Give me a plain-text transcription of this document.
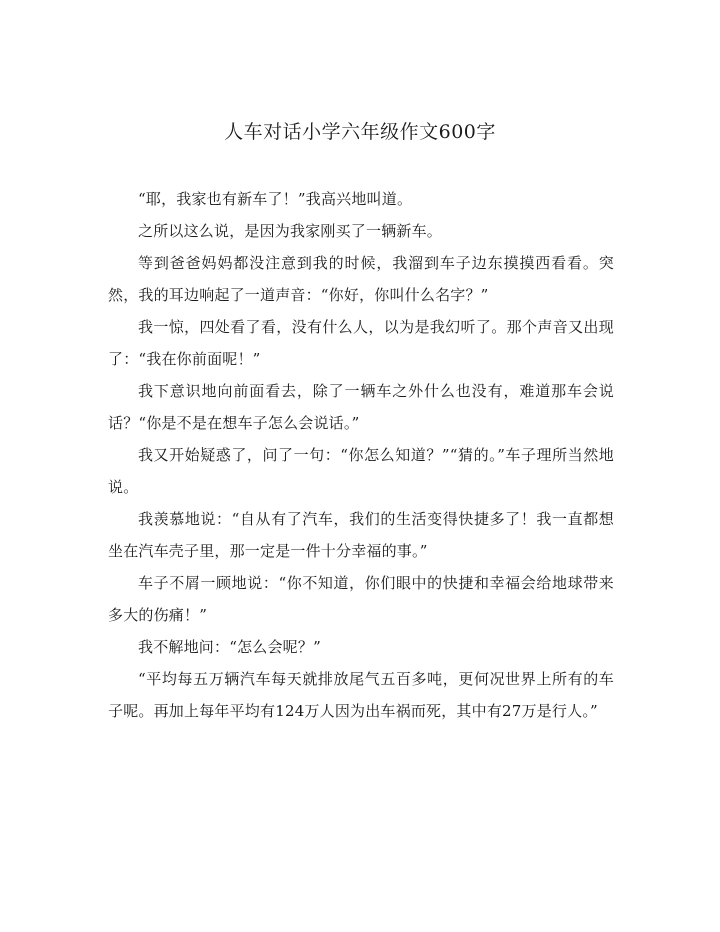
人车对话小学六年级作文600字

“耶，我家也有新车了！”我高兴地叫道。

之所以这么说，是因为我家刚买了一辆新车。

等到爸爸妈妈都没注意到我的时候，我溜到车子边东摸摸西看看。突然，我的耳边响起了一道声音：“你好，你叫什么名字？”

我一惊，四处看了看，没有什么人，以为是我幻听了。那个声音又出现了：“我在你前面呢！”

我下意识地向前面看去，除了一辆车之外什么也没有，难道那车会说话？“你是不是在想车子怎么会说话。”

我又开始疑惑了，问了一句：“你怎么知道？”“猜的。”车子理所当然地说。

我羡慕地说：“自从有了汽车，我们的生活变得快捷多了！我一直都想坐在汽车壳子里，那一定是一件十分幸福的事。”

车子不屑一顾地说：“你不知道，你们眼中的快捷和幸福会给地球带来多大的伤痛！”

我不解地问：“怎么会呢？”

“平均每五万辆汽车每天就排放尾气五百多吨，更何况世界上所有的车子呢。再加上每年平均有124万人因为出车祸而死，其中有27万是行人。”
